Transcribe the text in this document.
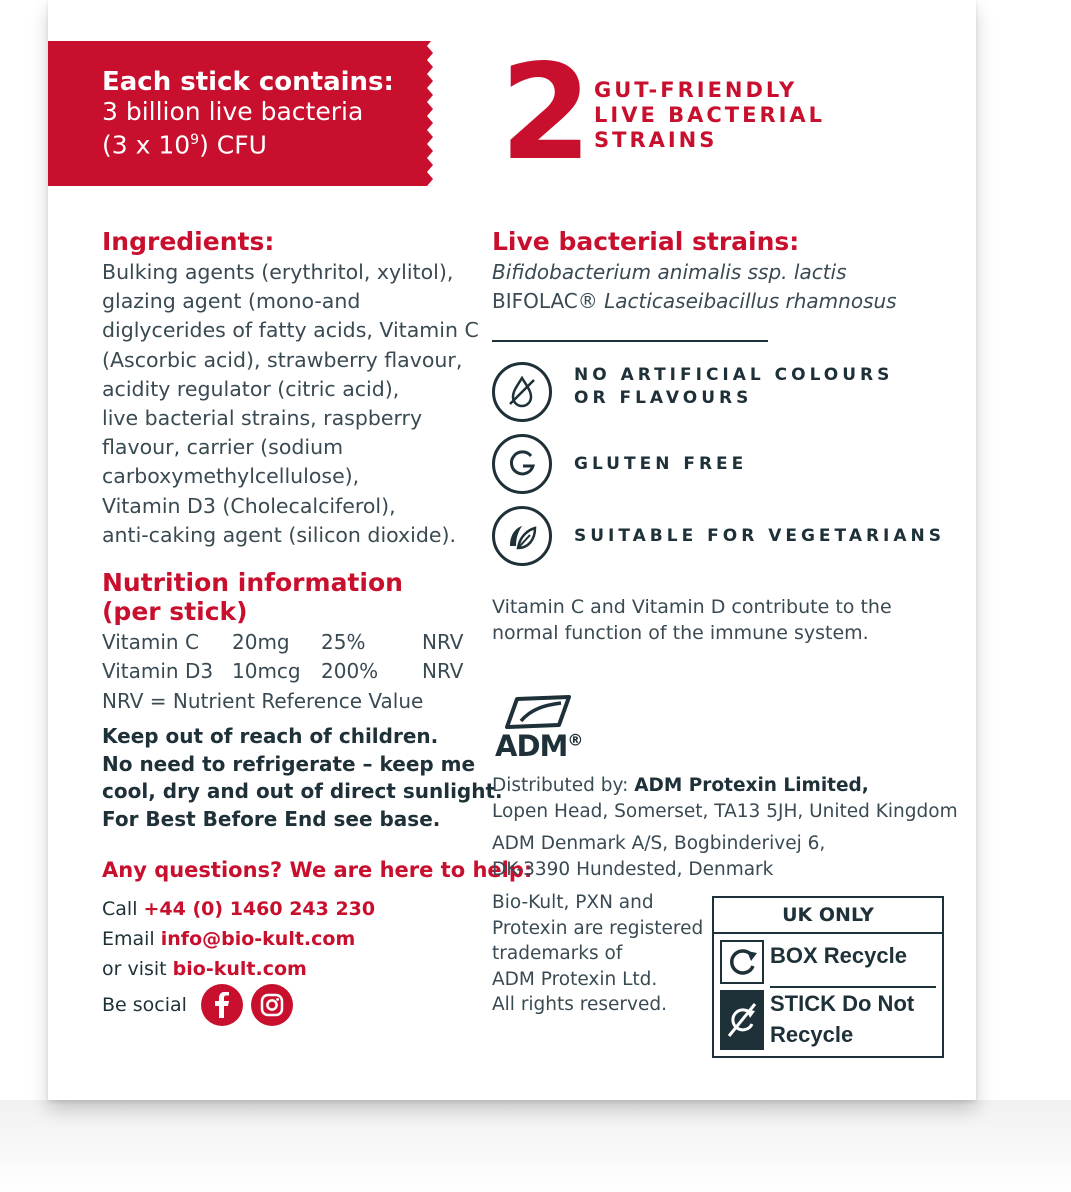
Each stick contains:
3 billion live bacteria
(3 x $10^9$) CFU	2 GUT-FRIENDLY
LIVE BACTERIAL
STRAINS
Ingredients:
Bulking agents (erythritol, xylitol),
glazing agent (mono-and
diglycerides of fatty acids, Vitamin C
(Ascorbic acid), strawberry flavour,
acidity regulator (citric acid),
live bacterial strains, raspberry
flavour, carrier (sodium
carboxymethylcellulose),
Vitamin D3 (Cholecalciferol),
anti-caking agent (silicon dioxide).
Nutrition information
(per stick)
Vitamin C	20mg	25%	NRV
Vitamin D3 10mcg	200%	NRV
NRV = Nutrient Reference Value
Keep out of reach of children.
No need to refrigerate – keep me
cool, dry and out of direct sunlight.
For Best Before End see base.
Any questions? We are here to help:
Call +44 (0) 1460 243 230
Email info@bio-kult.com
or visit bio-kult.com
Be social
Live bacterial strains:
Bifidobacterium animalis ssp. lactis
BIFOLAC® Lacticaseibacillus rhamnosus
NO ARTIFICIAL COLOURS
OR FLAVOURS
GLUTEN FREE
SUITABLE FOR VEGETARIANS
Vitamin C and Vitamin D contribute to the
normal function of the immune system.
ADM®
Distributed by: ADM Protexin Limited,
Lopen Head, Somerset, TA13 5JH, United Kingdom
ADM Denmark A/S, Bogbinderivej 6,
DK-3390 Hundested, Denmark
Bio-Kult, PXN and
Protexin are registered
trademarks of
ADM Protexin Ltd.
All rights reserved.
UK ONLY
BOX Recycle
STICK Do Not
Recycle
